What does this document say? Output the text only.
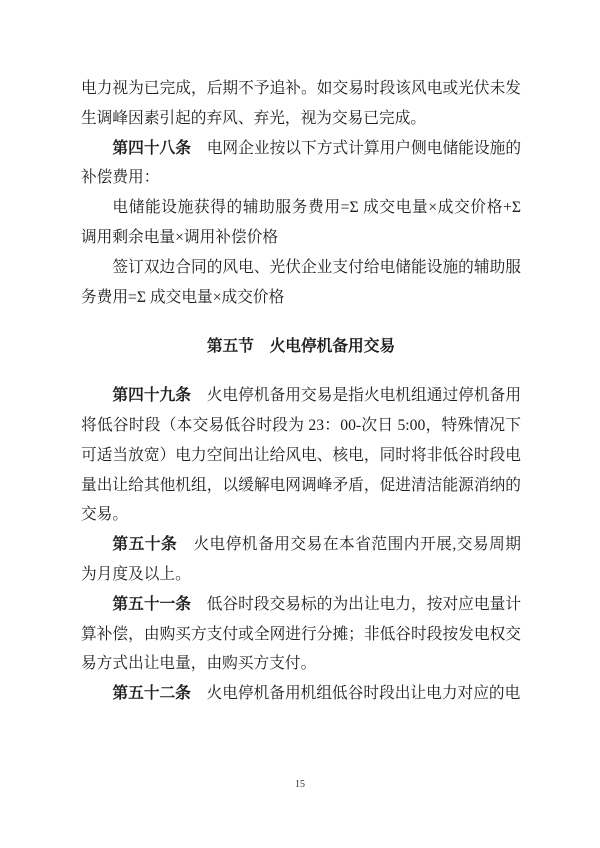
电力视为已完成，后期不予追补。如交易时段该风电或光伏未发生调峰因素引起的弃风、弃光，视为交易已完成。

第四十八条　电网企业按以下方式计算用户侧电储能设施的补偿费用：

电储能设施获得的辅助服务费用=Σ 成交电量×成交价格+Σ 调用剩余电量×调用补偿价格

签订双边合同的风电、光伏企业支付给电储能设施的辅助服务费用=Σ 成交电量×成交价格

第五节　火电停机备用交易

第四十九条　火电停机备用交易是指火电机组通过停机备用将低谷时段（本交易低谷时段为 23：00-次日 5:00，特殊情况下可适当放宽）电力空间出让给风电、核电，同时将非低谷时段电量出让给其他机组，以缓解电网调峰矛盾，促进清洁能源消纳的交易。

第五十条　火电停机备用交易在本省范围内开展,交易周期为月度及以上。

第五十一条　低谷时段交易标的为出让电力，按对应电量计算补偿，由购买方支付或全网进行分摊；非低谷时段按发电权交易方式出让电量，由购买方支付。

第五十二条　火电停机备用机组低谷时段出让电力对应的电

15
